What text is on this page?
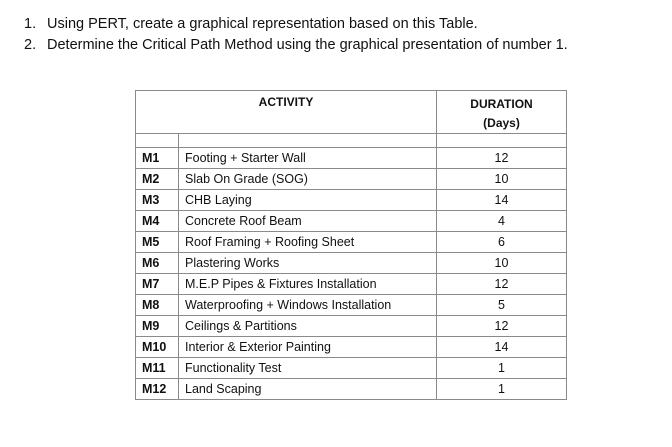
1. Using PERT, create a graphical representation based on this Table.
2. Determine the Critical Path Method using the graphical presentation of number 1.
ACTIVITY		DURATION
(Days)

M1	Footing + Starter Wall	12
M2	Slab On Grade (SOG)	10
M3	CHB Laying	14
M4	Concrete Roof Beam	4
M5	Roof Framing + Roofing Sheet	6
M6	Plastering Works	10
M7	M.E.P Pipes & Fixtures Installation	12
M8	Waterproofing + Windows Installation	5
M9	Ceilings & Partitions	12
M10	Interior & Exterior Painting	14
M11	Functionality Test	1
M12	Land Scaping	1
